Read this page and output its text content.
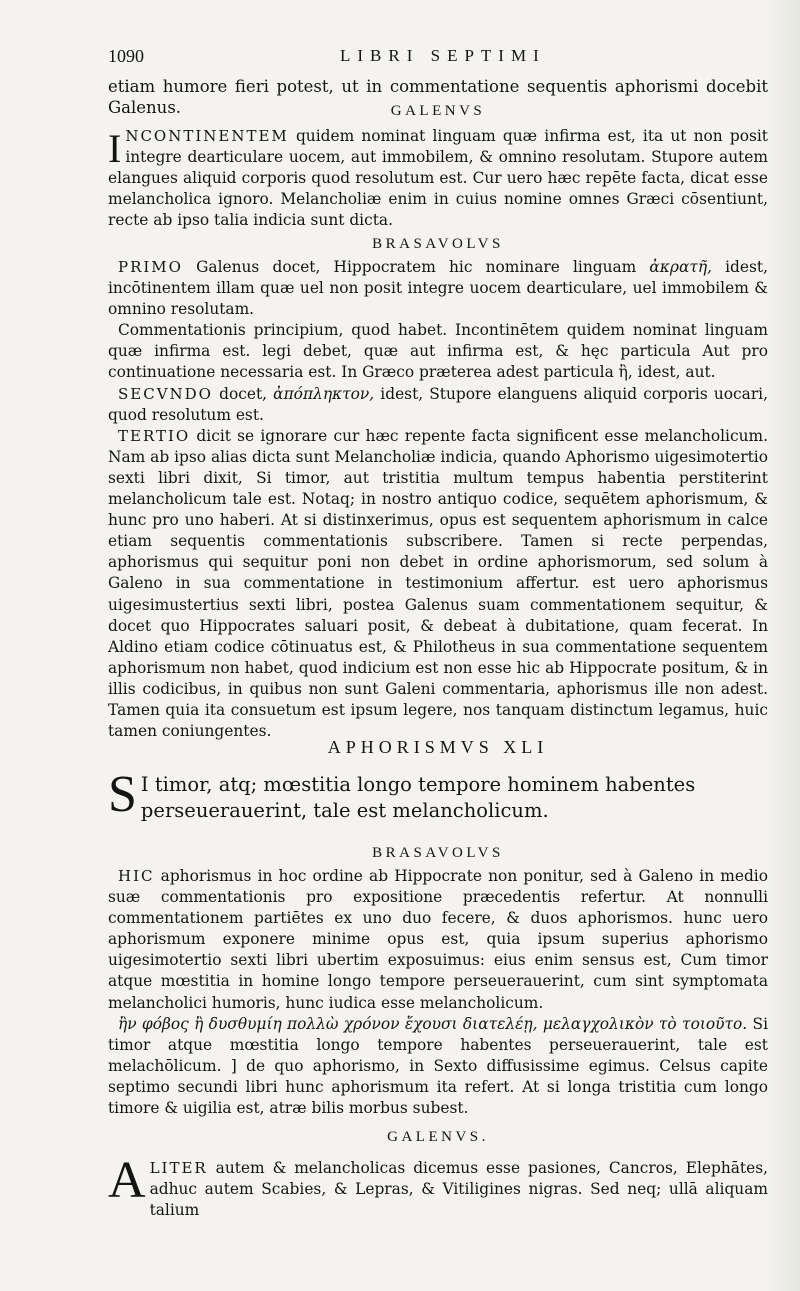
1090	LIBRI SEPTIMI

etiam humore fieri potest, ut in commentatione sequentis aphorismi docebit Galenus.	GALENVS

INCONTINENTEM quidem nominat linguam quæ infirma est, ita ut non posit integre dearticulare uocem, aut immobilem, & omnino resolutam. Stupore autem elangues aliquid corporis quod resolutum est. Cur uero hæc repēte facta, dicat esse melancholica ignoro. Melancholiæ enim in cuius nomine omnes Græci cōsentiunt, recte ab ipso talia indicia sunt dicta.

BRASAVOLVS

PRIMO Galenus docet, Hippocratem hic nominare linguam ἀκρατῆ, idest, incōtinentem illam quæ uel non posit integre uocem dearticulare, uel immobilem & omnino resolutam.

Commentationis principium, quod habet. Incontinētem quidem nominat linguam quæ infirma est. legi debet, quæ aut infirma est, & hęc particula Aut pro continuatione necessaria est. In Græco præterea adest particula ἢ, idest, aut.

SECVNDO docet, ἀπόπληκτον, idest, Stupore elanguens aliquid corporis uocari, quod resolutum est.

TERTIO dicit se ignorare cur hæc repente facta significent esse melancholicum. Nam ab ipso alias dicta sunt Melancholiæ indicia, quando Aphorismo uigesimotertio sexti libri dixit, Si timor, aut tristitia multum tempus habentia perstiterint melancholicum tale est. Notaq; in nostro antiquo codice, sequētem aphorismum, & hunc pro uno haberi. At si distinxerimus, opus est sequentem aphorismum in calce etiam sequentis commentationis subscribere. Tamen si recte perpendas, aphorismus qui sequitur poni non debet in ordine aphorismorum, sed solum à Galeno in sua commentatione in testimonium affertur. est uero aphorismus uigesimustertius sexti libri, postea Galenus suam commentationem sequitur, & docet quo Hippocrates saluari posit, & debeat à dubitatione, quam fecerat. In Aldino etiam codice cōtinuatus est, & Philotheus in sua commentatione sequentem aphorismum non habet, quod indicium est non esse hic ab Hippocrate positum, & in illis codicibus, in quibus non sunt Galeni commentaria, aphorismus ille non adest. Tamen quia ita consuetum est ipsum legere, nos tanquam distinctum legamus, huic tamen coniungentes.

APHORISMVS XLI

S I timor, atq; mœstitia longo tempore hominem habentes perseuerauerint, tale est melancholicum.

BRASAVOLVS

HIC aphorismus in hoc ordine ab Hippocrate non ponitur, sed à Galeno in medio suæ commentationis pro expositione præcedentis refertur. At nonnulli commentationem partiētes ex uno duo fecere, & duos aphorismos. hunc uero aphorismum exponere minime opus est, quia ipsum superius aphorismo uigesimotertio sexti libri ubertim exposuimus: eius enim sensus est, Cum timor atque mœstitia in homine longo tempore perseuerauerint, cum sint symptomata melancholici humoris, hunc iudica esse melancholicum.

ἢν φόβος ἢ δυσθυμίη πολλὼ χρόνον ἔχουσι διατελέῃ, μελαγχολικὸν τὸ τοιοῦτο. Si timor atque mœstitia longo tempore habentes perseuerauerint, tale est melachōlicum. ] de quo aphorismo, in Sexto diffusissime egimus. Celsus capite septimo secundi libri hunc aphorismum ita refert. At si longa tristitia cum longo timore & uigilia est, atræ bilis morbus subest.

GALENVS.

ALITER autem & melancholicas dicemus esse pasiones, Cancros, Elephātes, adhuc autem Scabies, & Lepras, & Vitiligines nigras. Sed neq; ullā aliquam talium
